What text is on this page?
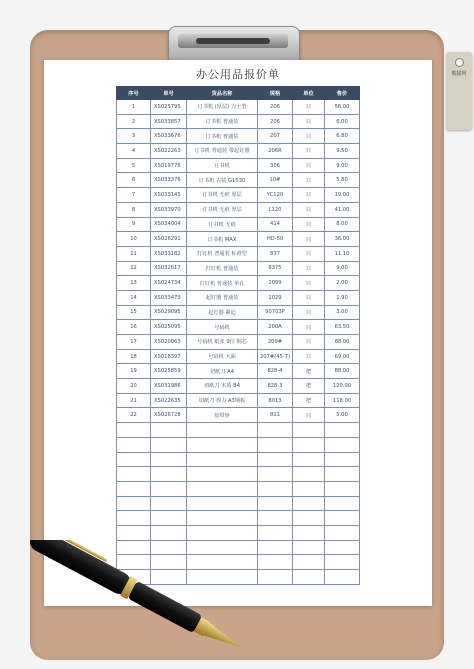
熊猫网
办公用品报价单
序号	单号	货品名称	规格	单位	售价
1	XS025795	订书机 (厚层) 力士型	206	只	56.00
2	XS033857	订书机 普通装	206	只	6.00
3	XS033676	订书机 普通装	207	只	6.80
4	XS022263	订书机 普通装 带起钉器	206R	只	9.50
5	XS019776	订书机	306	只	9.00
6	XS033376	订书机 古装 G1530	10#	只	5.80
7	XS033145	订书机 无痕 厚层	YC120	只	19.00
8	XS033970	订书机 无痕 厚层	L120	只	41.00
9	XS034004	订书机 无痕	414	只	8.00
10	XS026291	订书机 MAX	HD-50	只	36.00
11	XS033182	打钉机 普通装 标准型	837	只	11.10
12	XS032617	打钉机 普通装	8375	只	9.00
13	XS024734	打钉机 普通装 单孔	1099	只	2.00
14	XS033473	起钉器 普通装	1029	只	1.90
15	XS029095	起钉器 紧迫	90703P	只	3.00
16	XS025095	号码机	200A	只	63.50
17	XS020063	号码机 纸张 9位 铜芯	209#	只	88.00
18	XS018397	号码机 大面	207#(45-7)	只	69.00
19	XS025859	切纸刀 A4	828-4	把	88.00
20	XS031986	切纸刀 木质 B4	828-3	把	120.00
21	XS022635	切纸刀 得力 A3钢板	8013	把	118.00
22	XS026728	胶带座	811	只	5.00
